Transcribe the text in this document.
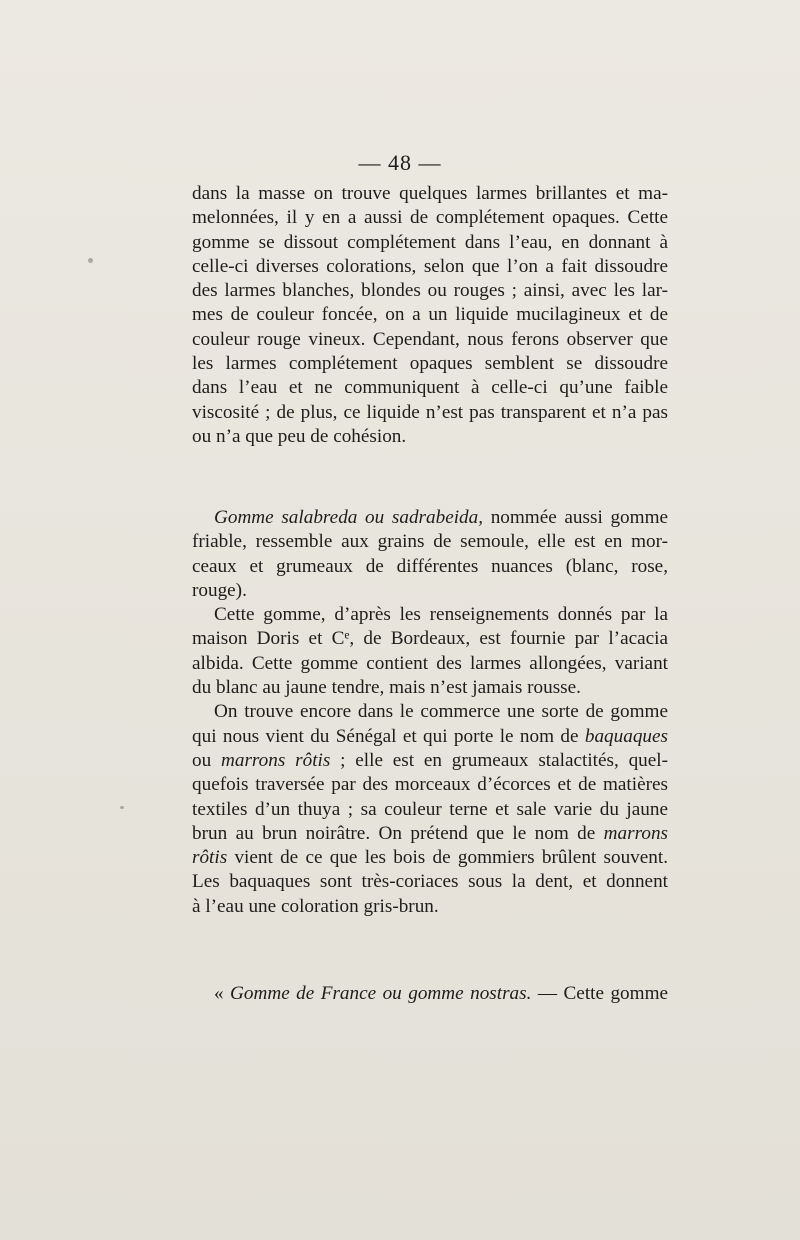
— 48 —
dans la masse on trouve quelques larmes brillantes et ma-
melonnées, il y en a aussi de complétement opaques. Cette
gomme se dissout complétement dans l’eau, en donnant à
celle-ci diverses colorations, selon que l’on a fait dissoudre
des larmes blanches, blondes ou rouges ; ainsi, avec les lar-
mes de couleur foncée, on a un liquide mucilagineux et de
couleur rouge vineux. Cependant, nous ferons observer que
les larmes complétement opaques semblent se dissoudre
dans l’eau et ne communiquent à celle-ci qu’une faible
viscosité ; de plus, ce liquide n’est pas transparent et n’a pas
ou n’a que peu de cohésion.
Gomme salabreda ou sadrabeida, nommée aussi gomme
friable, ressemble aux grains de semoule, elle est en mor-
ceaux et grumeaux de différentes nuances (blanc, rose,
rouge).
Cette gomme, d’après les renseignements donnés par la
maison Doris et Cᵉ, de Bordeaux, est fournie par l’acacia
albida. Cette gomme contient des larmes allongées, variant
du blanc au jaune tendre, mais n’est jamais rousse.
On trouve encore dans le commerce une sorte de gomme
qui nous vient du Sénégal et qui porte le nom de baquaques
ou marrons rôtis ; elle est en grumeaux stalactités, quel-
quefois traversée par des morceaux d’écorces et de matières
textiles d’un thuya ; sa couleur terne et sale varie du jaune
brun au brun noirâtre. On prétend que le nom de marrons
rôtis vient de ce que les bois de gommiers brûlent souvent.
Les baquaques sont très-coriaces sous la dent, et donnent
à l’eau une coloration gris-brun.
« Gomme de France ou gomme nostras. — Cette gomme
